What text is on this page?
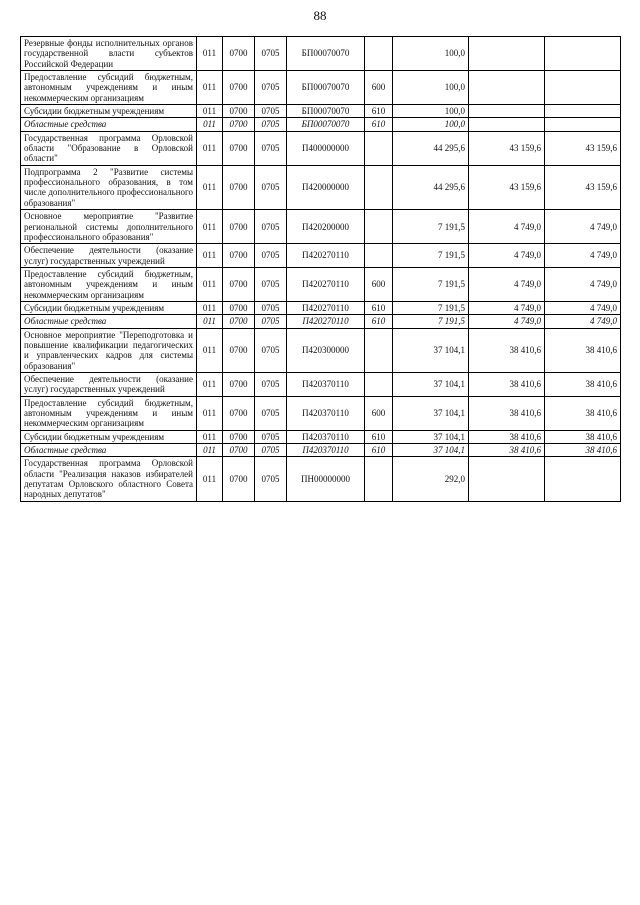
88
Резервные фонды исполнительных органов государственной власти субъектов Российской Федерации	011	0700	0705	БП00070070		100,0		
Предоставление субсидий бюджетным, автономным учреждениям и иным некоммерческим организациям	011	0700	0705	БП00070070	600	100,0		
Субсидии бюджетным учреждениям	011	0700	0705	БП00070070	610	100,0		
Областные средства	011	0700	0705	БП00070070	610	100,0		
Государственная программа Орловской области "Образование в Орловской области"	011	0700	0705	П400000000		44 295,6	43 159,6	43 159,6
Подпрограмма 2 "Развитие системы профессионального образования, в том числе дополнительного профессионального образования"	011	0700	0705	П420000000		44 295,6	43 159,6	43 159,6
Основное мероприятие "Развитие региональной системы дополнительного профессионального образования"	011	0700	0705	П420200000		7 191,5	4 749,0	4 749,0
Обеспечение деятельности (оказание услуг) государственных учреждений	011	0700	0705	П420270110		7 191,5	4 749,0	4 749,0
Предоставление субсидий бюджетным, автономным учреждениям и иным некоммерческим организациям	011	0700	0705	П420270110	600	7 191,5	4 749,0	4 749,0
Субсидии бюджетным учреждениям	011	0700	0705	П420270110	610	7 191,5	4 749,0	4 749,0
Областные средства	011	0700	0705	П420270110	610	7 191,5	4 749,0	4 749,0
Основное мероприятие "Переподготовка и повышение квалификации педагогических и управленческих кадров для системы образования"	011	0700	0705	П420300000		37 104,1	38 410,6	38 410,6
Обеспечение деятельности (оказание услуг) государственных учреждений	011	0700	0705	П420370110		37 104,1	38 410,6	38 410,6
Предоставление субсидий бюджетным, автономным учреждениям и иным некоммерческим организациям	011	0700	0705	П420370110	600	37 104,1	38 410,6	38 410,6
Субсидии бюджетным учреждениям	011	0700	0705	П420370110	610	37 104,1	38 410,6	38 410,6
Областные средства	011	0700	0705	П420370110	610	37 104,1	38 410,6	38 410,6
Государственная программа Орловской области "Реализация наказов избирателей депутатам Орловского областного Совета народных депутатов"	011	0700	0705	ПН00000000		292,0		
